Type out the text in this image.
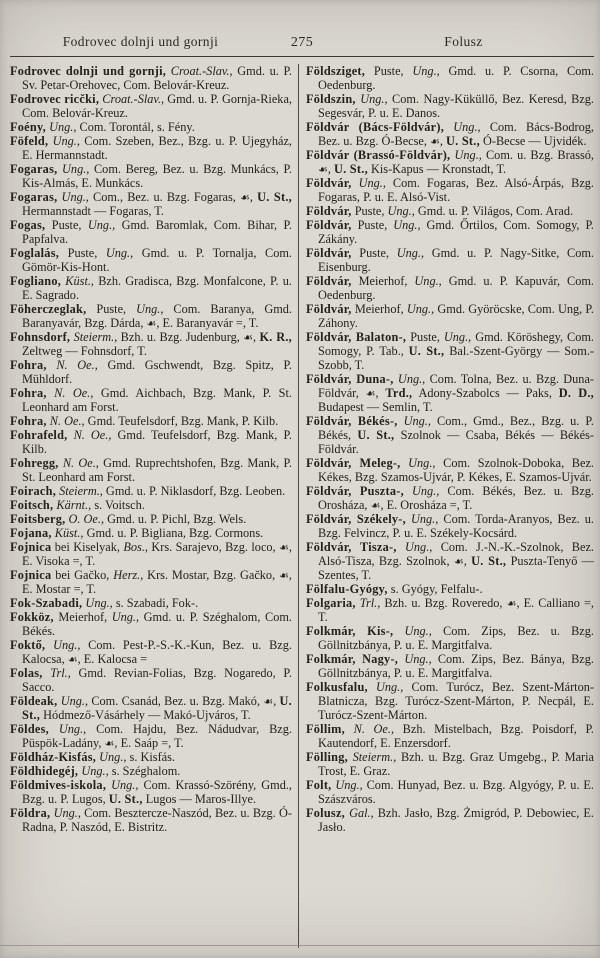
Fodrovec dolnji und gornji	275	Folusz

Fodrovec dolnji und gornji, Croat.-Slav., Gmd. u. P. Sv. Petar-Orehovec, Com. Belovár-Kreuz.

Fodrovec ricčki, Croat.-Slav., Gmd. u. P. Gornja-Rieka, Com. Belovár-Kreuz.

Foény, Ung., Com. Torontál, s. Fény.

Föfeld, Ung., Com. Szeben, Bez., Bzg. u. P. Ujegyház, E. Hermannstadt.

Fogaras, Ung., Com. Bereg, Bez. u. Bzg. Munkács, P. Kis-Almás, E. Munkács.

Fogaras, Ung., Com., Bez. u. Bzg. Fogaras, ☙, U. St., Hermannstadt — Fogaras, T.

Fogas, Puste, Ung., Gmd. Baromlak, Com. Bihar, P. Papfalva.

Foglalás, Puste, Ung., Gmd. u. P. Tornalja, Com. Gömör-Kis-Hont.

Fogliano, Küst., Bzh. Gradisca, Bzg. Monfalcone, P. u. E. Sagrado.

Föherczeglak, Puste, Ung., Com. Baranya, Gmd. Baranyavár, Bzg. Dárda, ☙, E. Baranyavár =, T.

Fohnsdorf, Steierm., Bzh. u. Bzg. Judenburg, ☙, K. R., Zeltweg — Fohnsdorf, T.

Fohra, N. Oe., Gmd. Gschwendt, Bzg. Spitz, P. Mühldorf.

Fohra, N. Oe., Gmd. Aichbach, Bzg. Mank, P. St. Leonhard am Forst.

Fohra, N. Oe., Gmd. Teufelsdorf, Bzg. Mank, P. Kilb.

Fohrafeld, N. Oe., Gmd. Teufelsdorf, Bzg. Mank, P. Kilb.

Fohregg, N. Oe., Gmd. Ruprechtshofen, Bzg. Mank, P. St. Leonhard am Forst.

Foirach, Steierm., Gmd. u. P. Niklasdorf, Bzg. Leoben.

Foitsch, Kärnt., s. Voitsch.

Foitsberg, O. Oe., Gmd. u. P. Pichl, Bzg. Wels.

Fojana, Küst., Gmd. u. P. Bigliana, Bzg. Cormons.

Fojnica bei Kiselyak, Bos., Krs. Sarajevo, Bzg. loco, ☙, E. Visoka =, T.

Fojnica bei Gačko, Herz., Krs. Mostar, Bzg. Gačko, ☙, E. Mostar =, T.

Fok-Szabadi, Ung., s. Szabadi, Fok-.

Fokköz, Meierhof, Ung., Gmd. u. P. Széghalom, Com. Békés.

Foktő, Ung., Com. Pest-P.-S.-K.-Kun, Bez. u. Bzg. Kalocsa, ☙, E. Kalocsa =

Folas, Trl., Gmd. Revian-Folias, Bzg. Nogaredo, P. Sacco.

Földeak, Ung., Com. Csanád, Bez. u. Bzg. Makó, ☙, U. St., Hódmező-Vásárhely — Makó-Ujváros, T.

Földes, Ung., Com. Hajdu, Bez. Nádudvar, Bzg. Püspök-Ladány, ☙, E. Saáp =, T.

Földház-Kisfás, Ung., s. Kisfás.

Földhidegéj, Ung., s. Széghalom.

Földmives-iskola, Ung., Com. Krassó-Szörény, Gmd., Bzg. u. P. Lugos, U. St., Lugos — Maros-Illye.

Földra, Ung., Com. Besztercze-Naszód, Bez. u. Bzg. Ó-Radna, P. Naszód, E. Bistritz.

Földsziget, Puste, Ung., Gmd. u. P. Csorna, Com. Oedenburg.

Földszin, Ung., Com. Nagy-Küküllő, Bez. Keresd, Bzg. Segesvár, P. u. E. Danos.

Földvár (Bács-Földvár), Ung., Com. Bács-Bodrog, Bez. u. Bzg. Ó-Becse, ☙, U. St., Ó-Becse — Ujvidék.

Földvár (Brassó-Földvár), Ung., Com. u. Bzg. Brassó, ☙, U. St., Kis-Kapus — Kronstadt, T.

Földvár, Ung., Com. Fogaras, Bez. Alsó-Árpás, Bzg. Fogaras, P. u. E. Alsó-Vist.

Földvár, Puste, Ung., Gmd. u. P. Világos, Com. Arad.

Földvár, Puste, Ung., Gmd. Őrtilos, Com. Somogy, P. Zákány.

Földvár, Puste, Ung., Gmd. u. P. Nagy-Sitke, Com. Eisenburg.

Földvár, Meierhof, Ung., Gmd. u. P. Kapuvár, Com. Oedenburg.

Földvár, Meierhof, Ung., Gmd. Györöcske, Com. Ung, P. Záhony.

Földvár, Balaton-, Puste, Ung., Gmd. Köröshegy, Com. Somogy, P. Tab., U. St., Bal.-Szent-György — Som.-Szobb, T.

Földvár, Duna-, Ung., Com. Tolna, Bez. u. Bzg. Duna-Földvár, ☙, Trd., Adony-Szabolcs — Paks, D. D., Budapest — Semlin, T.

Földvár, Békés-, Ung., Com., Gmd., Bez., Bzg. u. P. Békés, U. St., Szolnok — Csaba, Békés — Békés-Földvár.

Földvár, Meleg-, Ung., Com. Szolnok-Doboka, Bez. Kékes, Bzg. Szamos-Ujvár, P. Kékes, E. Szamos-Ujvár.

Földvár, Puszta-, Ung., Com. Békés, Bez. u. Bzg. Orosháza, ☙, E. Orosháza =, T.

Földvár, Székely-, Ung., Com. Torda-Aranyos, Bez. u. Bzg. Felvincz, P. u. E. Székely-Kocsárd.

Földvár, Tisza-, Ung., Com. J.-N.-K.-Szolnok, Bez. Alsó-Tisza, Bzg. Szolnok, ☙, U. St., Puszta-Tenyő — Szentes, T.

Fölfalu-Gyógy, s. Gyógy, Felfalu-.

Folgaria, Trl., Bzh. u. Bzg. Roveredo, ☙, E. Calliano =, T.

Folkmár, Kis-, Ung., Com. Zips, Bez. u. Bzg. Göllnitzbánya, P. u. E. Margitfalva.

Folkmár, Nagy-, Ung., Com. Zips, Bez. Bánya, Bzg. Göllnitzbánya, P. u. E. Margitfalva.

Folkusfalu, Ung., Com. Turócz, Bez. Szent-Márton-Blatnicza, Bzg. Turócz-Szent-Márton, P. Necpál, E. Turócz-Szent-Márton.

Föllim, N. Oe., Bzh. Mistelbach, Bzg. Poisdorf, P. Kautendorf, E. Enzersdorf.

Fölling, Steierm., Bzh. u. Bzg. Graz Umgebg., P. Maria Trost, E. Graz.

Folt, Ung., Com. Hunyad, Bez. u. Bzg. Algyógy, P. u. E. Szászváros.

Folusz, Gal., Bzh. Jasło, Bzg. Żmigród, P. Debowiec, E. Jasło.
